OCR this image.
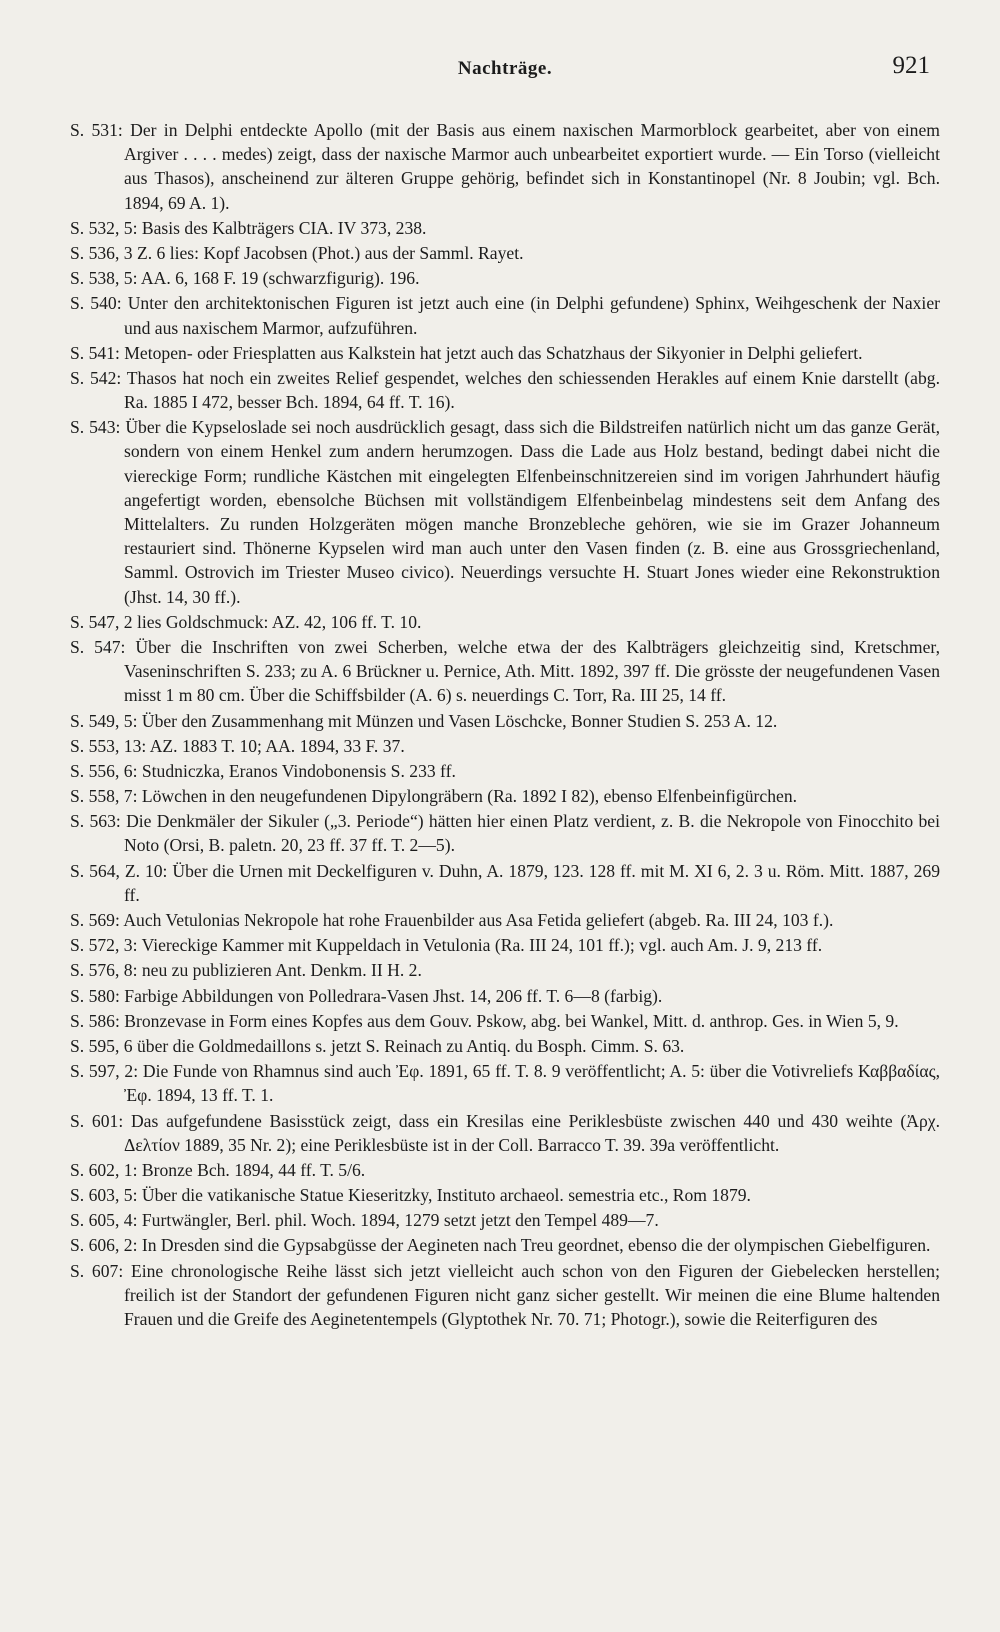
Nachträge.	921

S. 531: Der in Delphi entdeckte Apollo (mit der Basis aus einem naxischen Marmorblock gearbeitet, aber von einem Argiver . . . . medes) zeigt, dass der naxische Marmor auch unbearbeitet exportiert wurde. — Ein Torso (vielleicht aus Thasos), anscheinend zur älteren Gruppe gehörig, befindet sich in Konstantinopel (Nr. 8 Joubin; vgl. Bch. 1894, 69 A. 1).

S. 532, 5: Basis des Kalbträgers CIA. IV 373, 238.

S. 536, 3 Z. 6 lies: Kopf Jacobsen (Phot.) aus der Samml. Rayet.

S. 538, 5: AA. 6, 168 F. 19 (schwarzfigurig). 196.

S. 540: Unter den architektonischen Figuren ist jetzt auch eine (in Delphi gefundene) Sphinx, Weihgeschenk der Naxier und aus naxischem Marmor, aufzuführen.

S. 541: Metopen- oder Friesplatten aus Kalkstein hat jetzt auch das Schatzhaus der Sikyonier in Delphi geliefert.

S. 542: Thasos hat noch ein zweites Relief gespendet, welches den schiessenden Herakles auf einem Knie darstellt (abg. Ra. 1885 I 472, besser Bch. 1894, 64 ff. T. 16).

S. 543: Über die Kypseloslade sei noch ausdrücklich gesagt, dass sich die Bildstreifen natürlich nicht um das ganze Gerät, sondern von einem Henkel zum andern herumzogen. Dass die Lade aus Holz bestand, bedingt dabei nicht die viereckige Form; rundliche Kästchen mit eingelegten Elfenbeinschnitzereien sind im vorigen Jahrhundert häufig angefertigt worden, ebensolche Büchsen mit vollständigem Elfenbeinbelag mindestens seit dem Anfang des Mittelalters. Zu runden Holzgeräten mögen manche Bronzebleche gehören, wie sie im Grazer Johanneum restauriert sind. Thönerne Kypselen wird man auch unter den Vasen finden (z. B. eine aus Grossgriechenland, Samml. Ostrovich im Triester Museo civico). Neuerdings versuchte H. Stuart Jones wieder eine Rekonstruktion (Jhst. 14, 30 ff.).

S. 547, 2 lies Goldschmuck: AZ. 42, 106 ff. T. 10.

S. 547: Über die Inschriften von zwei Scherben, welche etwa der des Kalbträgers gleichzeitig sind, Kretschmer, Vaseninschriften S. 233; zu A. 6 Brückner u. Pernice, Ath. Mitt. 1892, 397 ff. Die grösste der neugefundenen Vasen misst 1 m 80 cm. Über die Schiffsbilder (A. 6) s. neuerdings C. Torr, Ra. III 25, 14 ff.

S. 549, 5: Über den Zusammenhang mit Münzen und Vasen Löschcke, Bonner Studien S. 253 A. 12.

S. 553, 13: AZ. 1883 T. 10; AA. 1894, 33 F. 37.

S. 556, 6: Studniczka, Eranos Vindobonensis S. 233 ff.

S. 558, 7: Löwchen in den neugefundenen Dipylongräbern (Ra. 1892 I 82), ebenso Elfenbeinfigürchen.

S. 563: Die Denkmäler der Sikuler („3. Periode“) hätten hier einen Platz verdient, z. B. die Nekropole von Finocchito bei Noto (Orsi, B. paletn. 20, 23 ff. 37 ff. T. 2—5).

S. 564, Z. 10: Über die Urnen mit Deckelfiguren v. Duhn, A. 1879, 123. 128 ff. mit M. XI 6, 2. 3 u. Röm. Mitt. 1887, 269 ff.

S. 569: Auch Vetulonias Nekropole hat rohe Frauenbilder aus Asa Fetida geliefert (abgeb. Ra. III 24, 103 f.).

S. 572, 3: Viereckige Kammer mit Kuppeldach in Vetulonia (Ra. III 24, 101 ff.); vgl. auch Am. J. 9, 213 ff.

S. 576, 8: neu zu publizieren Ant. Denkm. II H. 2.

S. 580: Farbige Abbildungen von Polledrara-Vasen Jhst. 14, 206 ff. T. 6—8 (farbig).

S. 586: Bronzevase in Form eines Kopfes aus dem Gouv. Pskow, abg. bei Wankel, Mitt. d. anthrop. Ges. in Wien 5, 9.

S. 595, 6 über die Goldmedaillons s. jetzt S. Reinach zu Antiq. du Bosph. Cimm. S. 63.

S. 597, 2: Die Funde von Rhamnus sind auch Ἐφ. 1891, 65 ff. T. 8. 9 veröffentlicht; A. 5: über die Votivreliefs Καββαδίας, Ἐφ. 1894, 13 ff. T. 1.

S. 601: Das aufgefundene Basisstück zeigt, dass ein Kresilas eine Periklesbüste zwischen 440 und 430 weihte (Ἀρχ. Δελτίον 1889, 35 Nr. 2); eine Periklesbüste ist in der Coll. Barracco T. 39. 39a veröffentlicht.

S. 602, 1: Bronze Bch. 1894, 44 ff. T. 5/6.

S. 603, 5: Über die vatikanische Statue Kieseritzky, Instituto archaeol. semestria etc., Rom 1879.

S. 605, 4: Furtwängler, Berl. phil. Woch. 1894, 1279 setzt jetzt den Tempel 489—7.

S. 606, 2: In Dresden sind die Gypsabgüsse der Aegineten nach Treu geordnet, ebenso die der olympischen Giebelfiguren.

S. 607: Eine chronologische Reihe lässt sich jetzt vielleicht auch schon von den Figuren der Giebelecken herstellen; freilich ist der Standort der gefundenen Figuren nicht ganz sicher gestellt. Wir meinen die eine Blume haltenden Frauen und die Greife des Aeginetentempels (Glyptothek Nr. 70. 71; Photogr.), sowie die Reiterfiguren des
